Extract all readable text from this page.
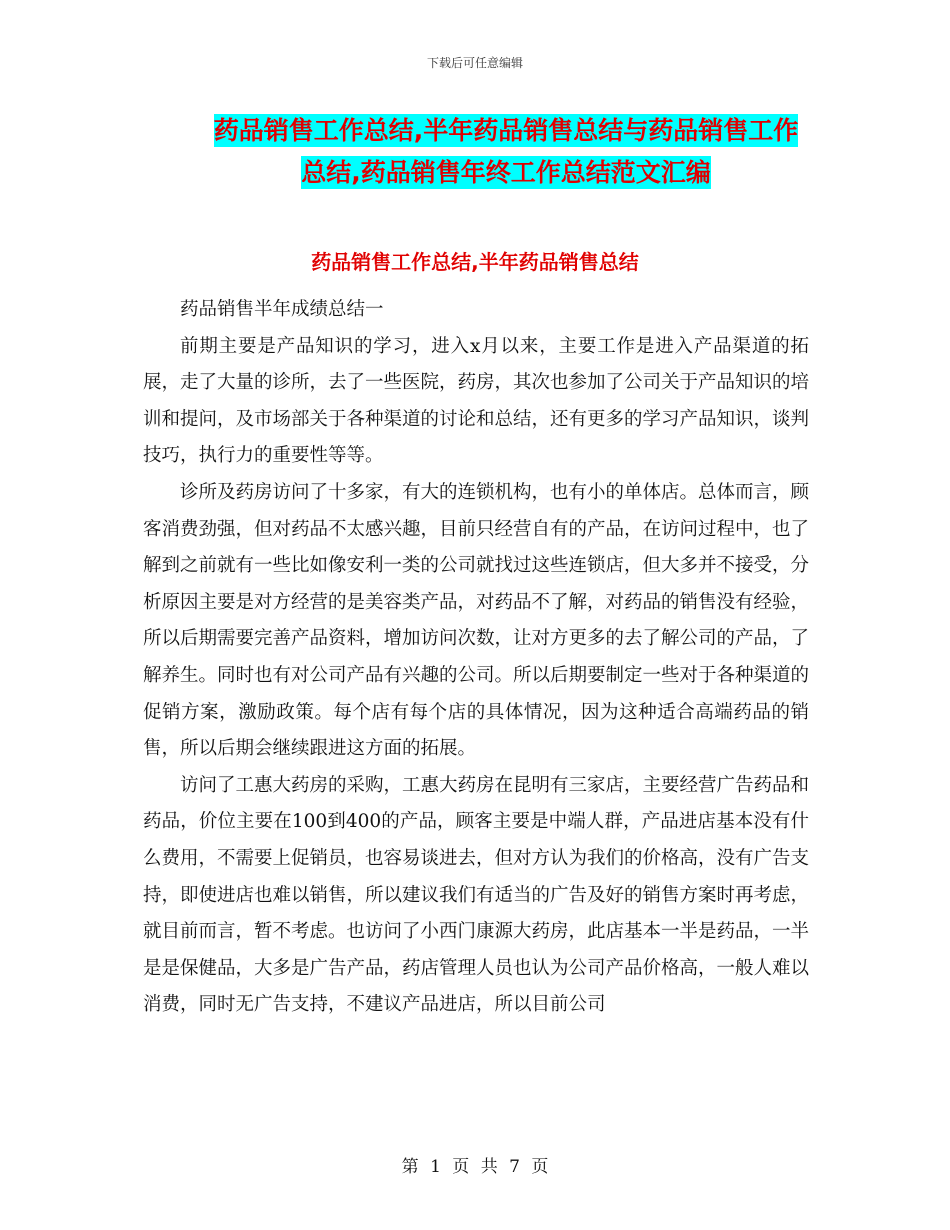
下载后可任意编辑
药品销售工作总结,半年药品销售总结与药品销售工作
总结,药品销售年终工作总结范文汇编
药品销售工作总结,半年药品销售总结

药品销售半年成绩总结一

前期主要是产品知识的学习，进入x月以来，主要工作是进入产品渠道的拓展，走了大量的诊所，去了一些医院，药房，其次也参加了公司关于产品知识的培训和提问，及市场部关于各种渠道的讨论和总结，还有更多的学习产品知识，谈判技巧，执行力的重要性等等。

诊所及药房访问了十多家，有大的连锁机构，也有小的单体店。总体而言，顾客消费劲强，但对药品不太感兴趣，目前只经营自有的产品，在访问过程中，也了解到之前就有一些比如像安利一类的公司就找过这些连锁店，但大多并不接受，分析原因主要是对方经营的是美容类产品，对药品不了解，对药品的销售没有经验，所以后期需要完善产品资料，增加访问次数，让对方更多的去了解公司的产品，了解养生。同时也有对公司产品有兴趣的公司。所以后期要制定一些对于各种渠道的促销方案，激励政策。每个店有每个店的具体情况，因为这种适合高端药品的销售，所以后期会继续跟进这方面的拓展。

访问了工惠大药房的采购，工惠大药房在昆明有三家店，主要经营广告药品和药品，价位主要在100到400的产品，顾客主要是中端人群，产品进店基本没有什么费用，不需要上促销员，也容易谈进去，但对方认为我们的价格高，没有广告支持，即使进店也难以销售，所以建议我们有适当的广告及好的销售方案时再考虑，就目前而言，暂不考虑。也访问了小西门康源大药房，此店基本一半是药品，一半是是保健品，大多是广告产品，药店管理人员也认为公司产品价格高，一般人难以消费，同时无广告支持，不建议产品进店，所以目前公司

第 1 页 共 7 页
